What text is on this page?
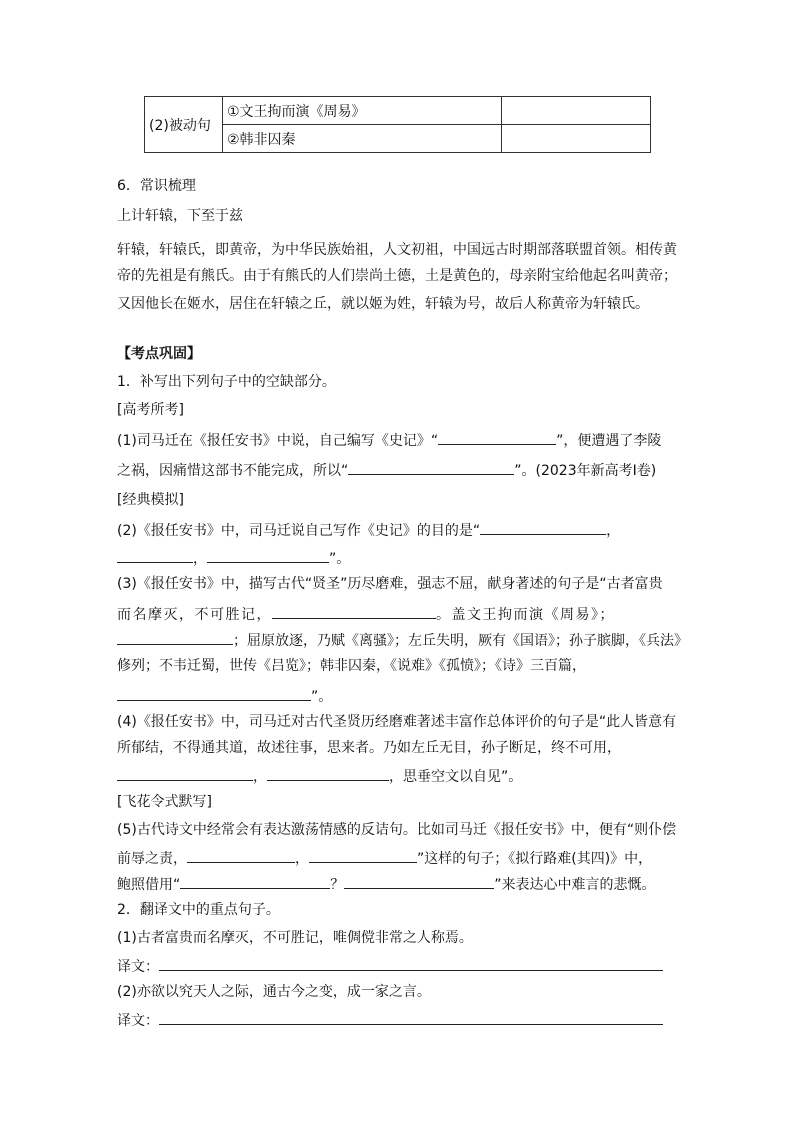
(2)被动句	①文王拘而演《周易》	
	②韩非囚秦	
6．常识梳理
上计轩辕，下至于兹
轩辕，轩辕氏，即黄帝，为中华民族始祖，人文初祖，中国远古时期部落联盟首领。相传黄
帝的先祖是有熊氏。由于有熊氏的人们崇尚土德，土是黄色的，母亲附宝给他起名叫黄帝；
又因他长在姬水，居住在轩辕之丘，就以姬为姓，轩辕为号，故后人称黄帝为轩辕氏。
【考点巩固】
1．补写出下列句子中的空缺部分。
[高考所考]
(1)司马迁在《报任安书》中说，自己编写《史记》“	”，便遭遇了李陵
之祸，因痛惜这部书不能完成，所以“	”。(2023年新高考Ⅰ卷)
[经典模拟]
(2)《报任安书》中，司马迁说自己写作《史记》的目的是“	，
，	”。
(3)《报任安书》中，描写古代“贤圣”历尽磨难，强志不屈，献身著述的句子是“古者富贵
而名摩灭，不可胜记，	。盖文王拘而演《周易》；
；屈原放逐，乃赋《离骚》；左丘失明，厥有《国语》；孙子膑脚，《兵法》
修列；不韦迁蜀，世传《吕览》；韩非囚秦，《说难》《孤愤》；《诗》三百篇，
”。
(4)《报任安书》中，司马迁对古代圣贤历经磨难著述丰富作总体评价的句子是“此人皆意有
所郁结，不得通其道，故述往事，思来者。乃如左丘无目，孙子断足，终不可用，
，	，思垂空文以自见”。
[飞花令式默写]
(5)古代诗文中经常会有表达激荡情感的反诘句。比如司马迁《报任安书》中，便有“则仆偿
前辱之责，	，	”这样的句子；《拟行路难(其四)》中，
鲍照借用“	？	”来表达心中难言的悲慨。
2．翻译文中的重点句子。
(1)古者富贵而名摩灭，不可胜记，唯倜傥非常之人称焉。
译文：
(2)亦欲以究天人之际，通古今之变，成一家之言。
译文：
